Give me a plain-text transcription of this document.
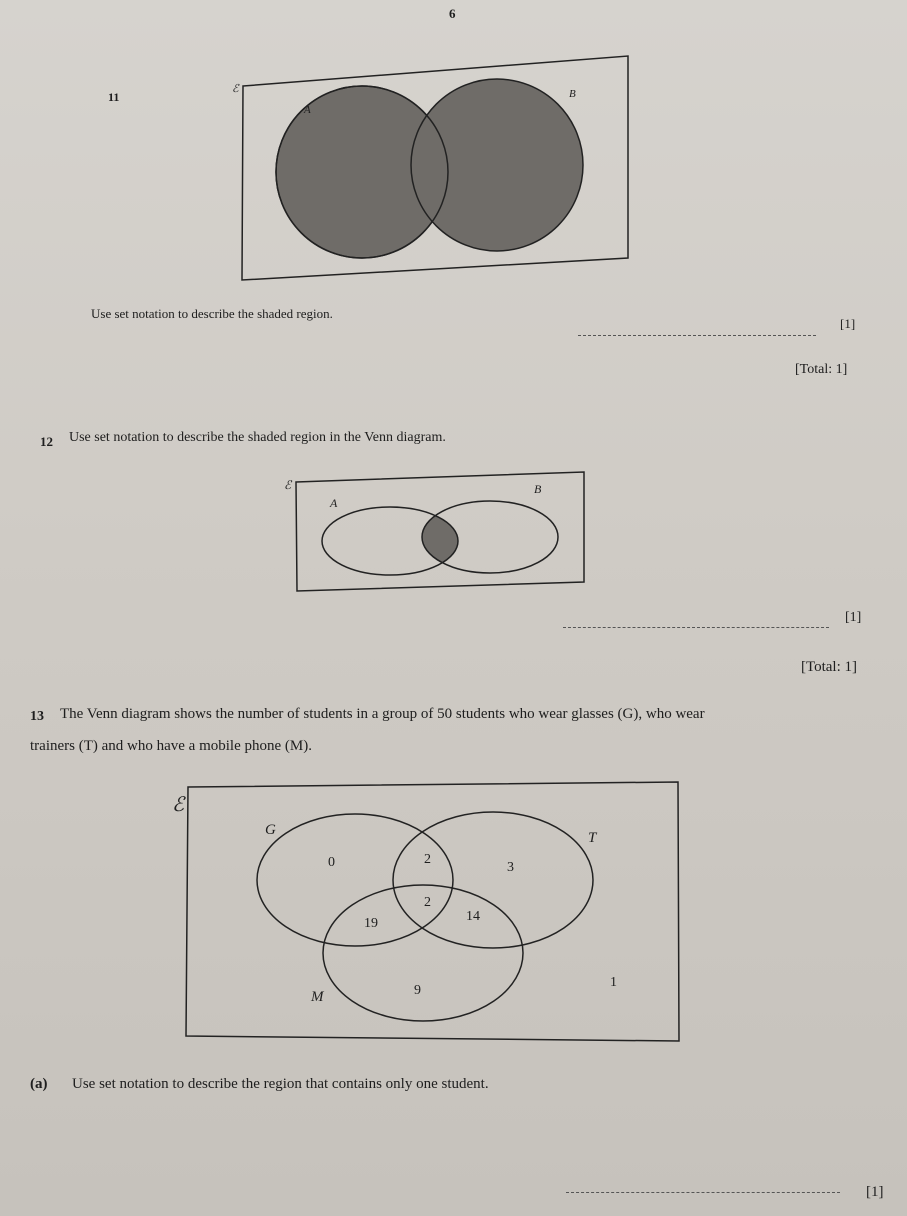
6
11
ℰ
A
B
Use set notation to describe the shaded region.
[1]
[Total: 1]
12 Use set notation to describe the shaded region in the Venn diagram.
ℰ
A
B
[1]
[Total: 1]
13 The Venn diagram shows the number of students in a group of 50 students who wear glasses (G), who wear
trainers (T) and who have a mobile phone (M).
ℰ
G	T
M
0	2
3
2
19	14
9
1
(a) Use set notation to describe the region that contains only one student.
[1]
